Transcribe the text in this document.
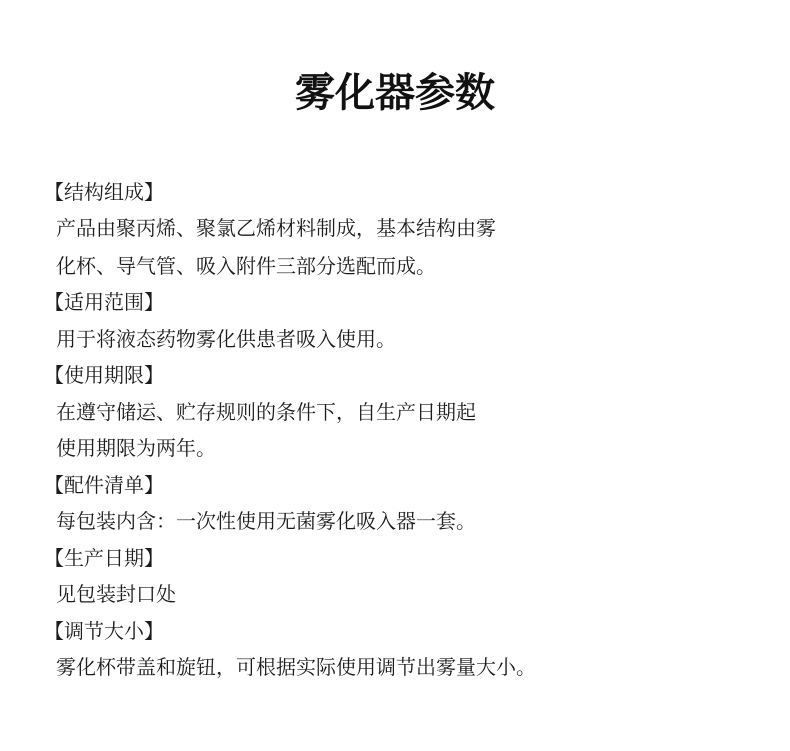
雾化器参数
【结构组成】
产品由聚丙烯、聚氯乙烯材料制成，基本结构由雾
化杯、导气管、吸入附件三部分选配而成。
【适用范围】
用于将液态药物雾化供患者吸入使用。
【使用期限】
在遵守储运、贮存规则的条件下，自生产日期起
使用期限为两年。
【配件清单】
每包装内含：一次性使用无菌雾化吸入器一套。
【生产日期】
见包装封口处
【调节大小】
雾化杯带盖和旋钮，可根据实际使用调节出雾量大小。
